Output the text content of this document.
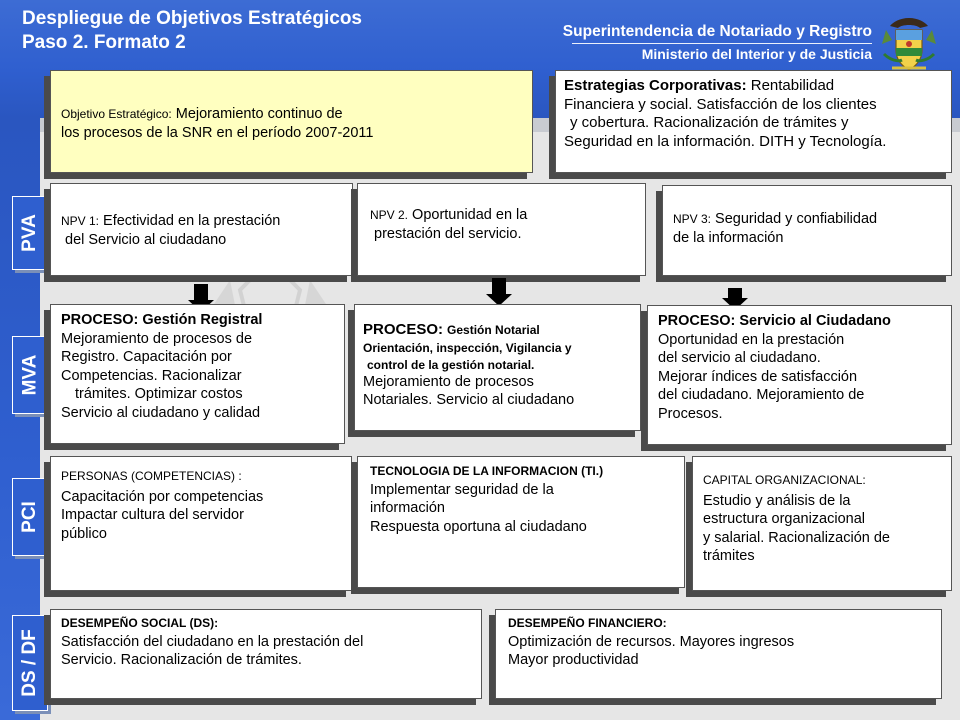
Despliegue de Objetivos Estratégicos
Paso 2. Formato 2
Superintendencia de Notariado y Registro
Ministerio del Interior y de Justicia
Objetivo Estratégico: Mejoramiento continuo de
los procesos de la SNR en el período 2007-2011
Estrategias Corporativas: Rentabilidad
Financiera y social. Satisfacción de los clientes
y cobertura. Racionalización de trámites y
Seguridad en la información. DITH y Tecnología.
PVA
MVA
PCI
DS / DF
NPV 1: Efectividad en la prestación
del Servicio al ciudadano
NPV 2. Oportunidad en la
prestación del servicio.
NPV 3: Seguridad y confiabilidad
de la información
PROCESO: Gestión Registral
Mejoramiento de procesos de
Registro. Capacitación por
Competencias. Racionalizar
trámites. Optimizar costos
Servicio al ciudadano y calidad
PROCESO: Gestión Notarial
Orientación, inspección, Vigilancia y
control de la gestión notarial.
Mejoramiento de procesos
Notariales. Servicio al ciudadano
PROCESO: Servicio al Ciudadano
Oportunidad en la prestación
del servicio al ciudadano.
Mejorar índices de satisfacción
del ciudadano. Mejoramiento de
Procesos.
PERSONAS (COMPETENCIAS) :
Capacitación por competencias
Impactar cultura del servidor
público
TECNOLOGIA DE LA INFORMACION (TI.)
Implementar seguridad de la
información
Respuesta oportuna al ciudadano
CAPITAL ORGANIZACIONAL:
Estudio y análisis de la
estructura organizacional
y salarial. Racionalización de
trámites
DESEMPEÑO SOCIAL (DS):
Satisfacción del ciudadano en la prestación del
Servicio. Racionalización de trámites.
DESEMPEÑO FINANCIERO:
Optimización de recursos. Mayores ingresos
Mayor productividad
